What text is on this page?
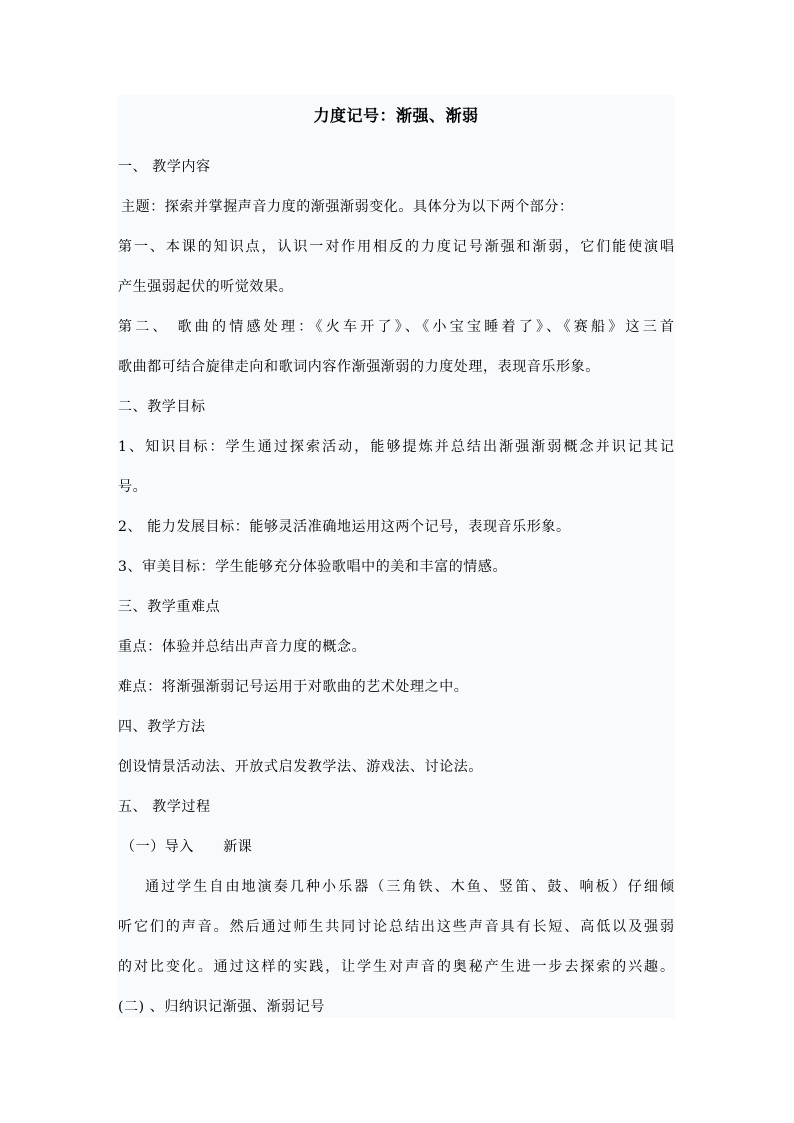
力度记号：渐强、渐弱
一、 教学内容
主题：探索并掌握声音力度的渐强渐弱变化。具体分为以下两个部分：
第一、本课的知识点，认识一对作用相反的力度记号渐强和渐弱，它们能使演唱
产生强弱起伏的听觉效果。
第二、 歌曲的情感处理：《火车开了》、《小宝宝睡着了》、《赛船》这三首
歌曲都可结合旋律走向和歌词内容作渐强渐弱的力度处理，表现音乐形象。
二、教学目标
1、知识目标：学生通过探索活动，能够提炼并总结出渐强渐弱概念并识记其记
号。
2、 能力发展目标：能够灵活准确地运用这两个记号，表现音乐形象。
3、审美目标：学生能够充分体验歌唱中的美和丰富的情感。
三、教学重难点
重点：体验并总结出声音力度的概念。
难点：将渐强渐弱记号运用于对歌曲的艺术处理之中。
四、教学方法
创设情景活动法、开放式启发教学法、游戏法、讨论法。
五、 教学过程
（一）导入　　新课
通过学生自由地演奏几种小乐器（三角铁、木鱼、竖笛、鼓、响板）仔细倾
听它们的声音。然后通过师生共同讨论总结出这些声音具有长短、高低以及强弱
的对比变化。通过这样的实践，让学生对声音的奥秘产生进一步去探索的兴趣。
(二) 、归纳识记渐强、渐弱记号
